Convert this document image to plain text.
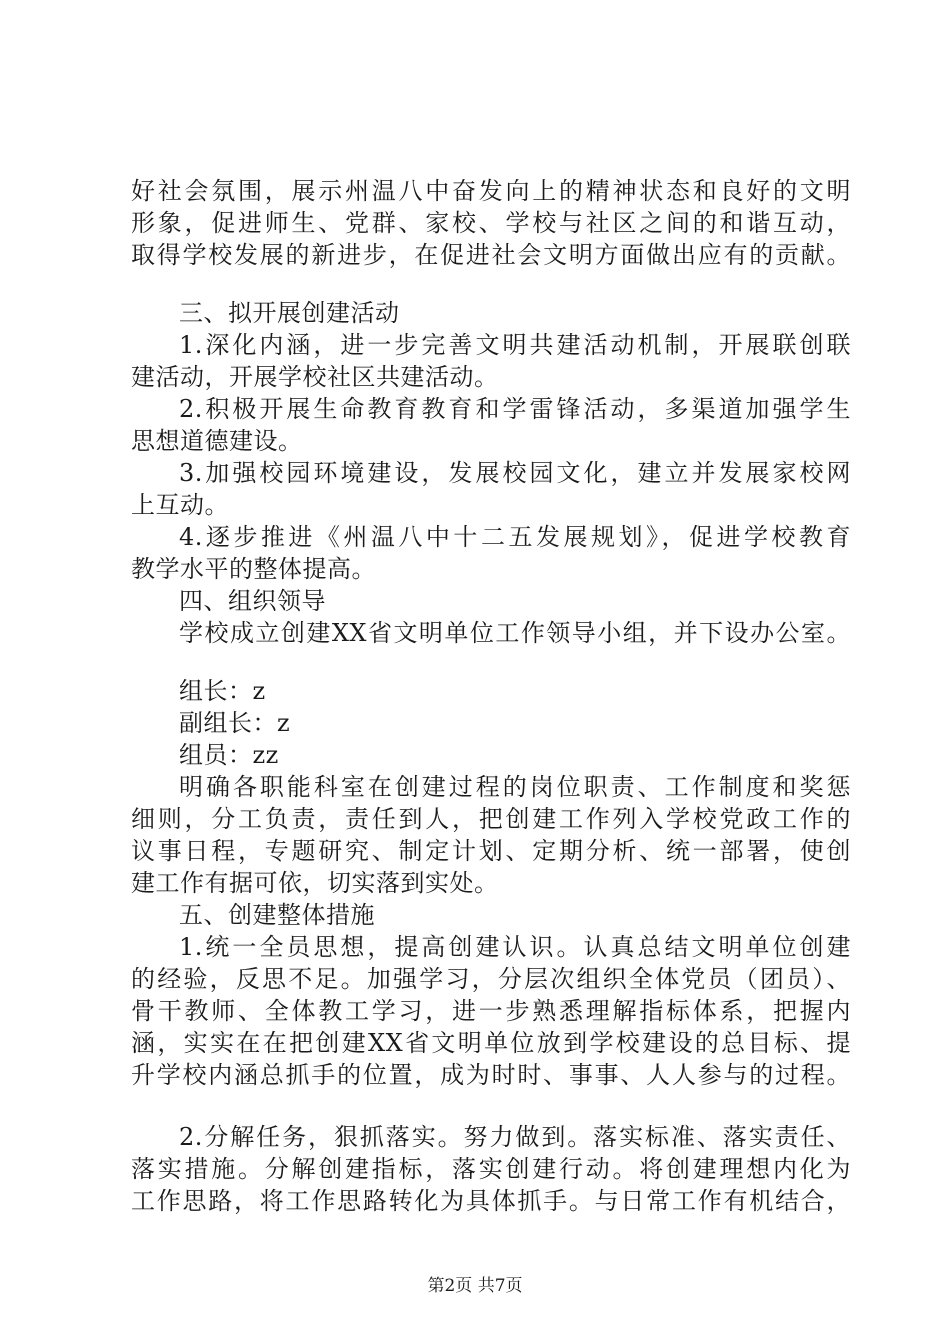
好社会氛围，展示州温八中奋发向上的精神状态和良好的文明
形象，促进师生、党群、家校、学校与社区之间的和谐互动，
取得学校发展的新进步，在促进社会文明方面做出应有的贡献。
三、拟开展创建活动
1.深化内涵，进一步完善文明共建活动机制，开展联创联
建活动，开展学校社区共建活动。
2.积极开展生命教育教育和学雷锋活动，多渠道加强学生
思想道德建设。
3.加强校园环境建设，发展校园文化，建立并发展家校网
上互动。
4.逐步推进《州温八中十二五发展规划》，促进学校教育
教学水平的整体提高。
四、组织领导
学校成立创建XX省文明单位工作领导小组，并下设办公室。
组长：z
副组长：z
组员：zz
明确各职能科室在创建过程的岗位职责、工作制度和奖惩
细则，分工负责，责任到人，把创建工作列入学校党政工作的
议事日程，专题研究、制定计划、定期分析、统一部署，使创
建工作有据可依，切实落到实处。
五、创建整体措施
1.统一全员思想，提高创建认识。认真总结文明单位创建
的经验，反思不足。加强学习，分层次组织全体党员（团员）、
骨干教师、全体教工学习，进一步熟悉理解指标体系，把握内
涵，实实在在把创建XX省文明单位放到学校建设的总目标、提
升学校内涵总抓手的位置，成为时时、事事、人人参与的过程。
2.分解任务，狠抓落实。努力做到。落实标准、落实责任、
落实措施。分解创建指标，落实创建行动。将创建理想内化为
工作思路，将工作思路转化为具体抓手。与日常工作有机结合，
第2页 共7页
